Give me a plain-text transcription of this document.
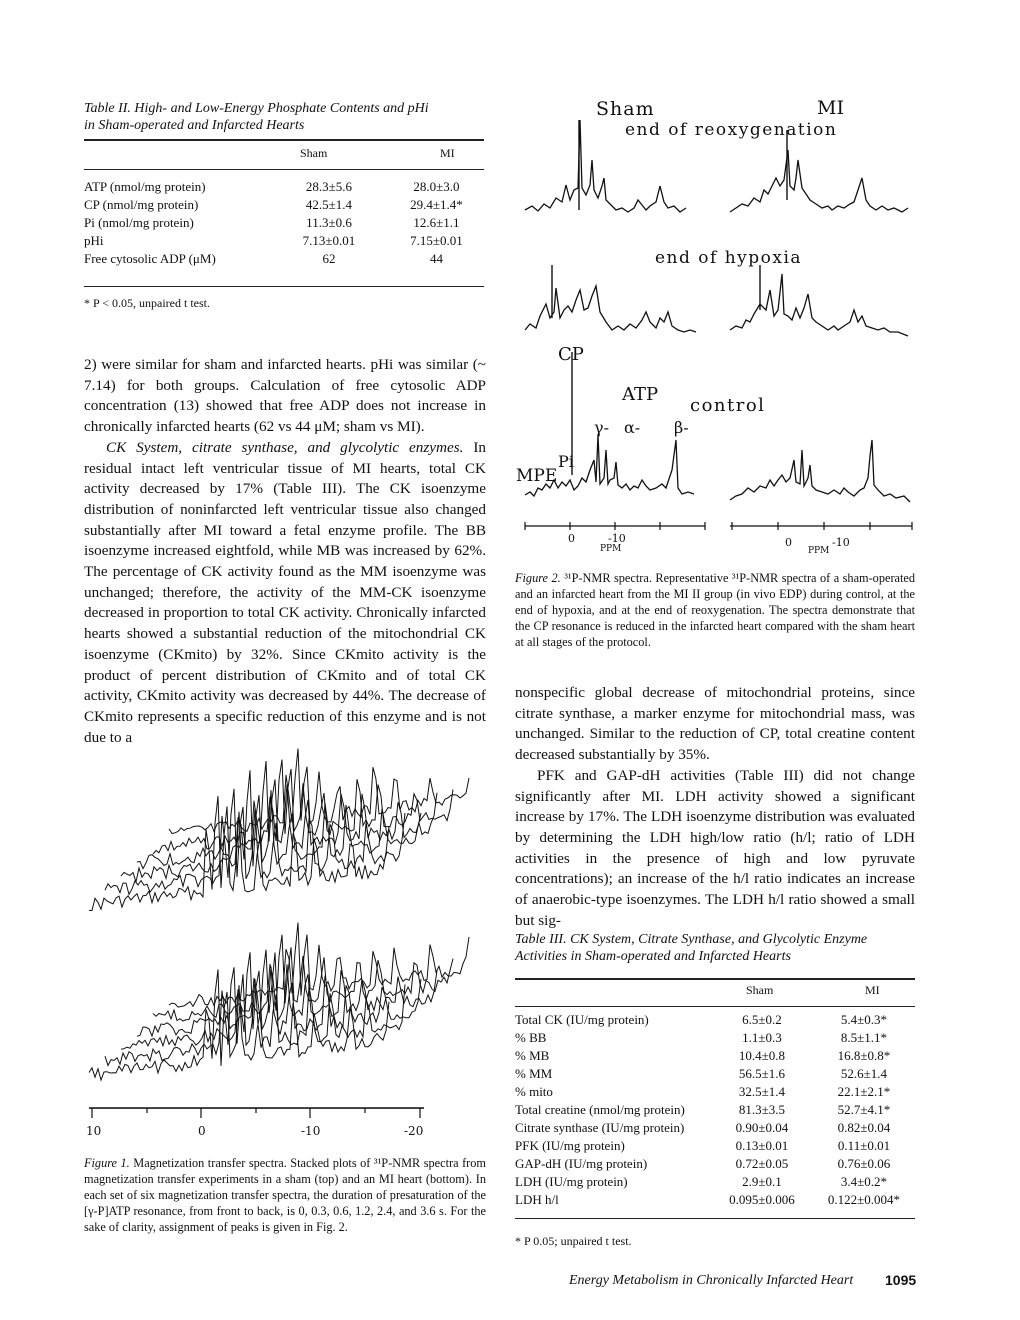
Table II. High- and Low-Energy Phosphate Contents and pHi
in Sham-operated and Infarcted Hearts
Sham	MI
ATP (nmol/mg protein)	28.3±5.6	28.0±3.0
CP (nmol/mg protein)	42.5±1.4	29.4±1.4*
Pi (nmol/mg protein)	11.3±0.6	12.6±1.1
pHi	7.13±0.01	7.15±0.01
Free cytosolic ADP (μM)	62	44
* P < 0.05, unpaired t test.

2) were similar for sham and infarcted hearts. pHi was similar (~ 7.14) for both groups. Calculation of free cytosolic ADP concentration (13) showed that free ADP does not increase in chronically infarcted hearts (62 vs 44 μM; sham vs MI).

CK System, citrate synthase, and glycolytic enzymes. In residual intact left ventricular tissue of MI hearts, total CK activity decreased by 17% (Table III). The CK isoenzyme distribution of noninfarcted left ventricular tissue also changed substantially after MI toward a fetal enzyme profile. The BB isoenzyme increased eightfold, while MB was increased by 62%. The percentage of CK activity found as the MM isoenzyme was unchanged; therefore, the activity of the MM-CK isoenzyme decreased in proportion to total CK activity. Chronically infarcted hearts showed a substantial reduction of the mitochondrial CK isoenzyme (CKmito) by 32%. Since CKmito activity is the product of percent distribution of CKmito and of total CK activity, CKmito activity was decreased by 44%. The decrease of CKmito represents a specific reduction of this enzyme and is not due to a

Sham	MI
end of reoxygenation
end of hypoxia
CP
ATP
control
γ- α- β-
MPE
Pi
0	-10
PPM	0	-10
PPM
Figure 2. ³¹P-NMR spectra. Representative ³¹P-NMR spectra of a sham-operated and an infarcted heart from the MI II group (in vivo EDP) during control, at the end of hypoxia, and at the end of reoxygenation. The spectra demonstrate that the CP resonance is reduced in the infarcted heart compared with the sham heart at all stages of the protocol.
10	0	-10	-20
Figure 1. Magnetization transfer spectra. Stacked plots of ³¹P-NMR spectra from magnetization transfer experiments in a sham (top) and an MI heart (bottom). In each set of six magnetization transfer spectra, the duration of presaturation of the [γ-P]ATP resonance, from front to back, is 0, 0.3, 0.6, 1.2, 2.4, and 3.6 s. For the sake of clarity, assignment of peaks is given in Fig. 2.

nonspecific global decrease of mitochondrial proteins, since citrate synthase, a marker enzyme for mitochondrial mass, was unchanged. Similar to the reduction of CP, total creatine content decreased substantially by 35%.

PFK and GAP-dH activities (Table III) did not change significantly after MI. LDH activity showed a significant increase by 17%. The LDH isoenzyme distribution was evaluated by determining the LDH high/low ratio (h/l; ratio of LDH activities in the presence of high and low pyruvate concentrations); an increase of the h/l ratio indicates an increase of anaerobic-type isoenzymes. The LDH h/l ratio showed a small but sig-

Table III. CK System, Citrate Synthase, and Glycolytic Enzyme
Activities in Sham-operated and Infarcted Hearts
Sham	MI
Total CK (IU/mg protein)	6.5±0.2	5.4±0.3*
% BB	1.1±0.3	8.5±1.1*
% MB	10.4±0.8	16.8±0.8*
% MM	56.5±1.6	52.6±1.4
% mito	32.5±1.4	22.1±2.1*
Total creatine (nmol/mg protein)	81.3±3.5	52.7±4.1*
Citrate synthase (IU/mg protein)	0.90±0.04	0.82±0.04
PFK (IU/mg protein)	0.13±0.01	0.11±0.01
GAP-dH (IU/mg protein)	0.72±0.05	0.76±0.06
LDH (IU/mg protein)	2.9±0.1	3.4±0.2*
LDH h/l	0.095±0.006	0.122±0.004*
* P 0.05; unpaired t test.
Energy Metabolism in Chronically Infarcted Heart 1095
